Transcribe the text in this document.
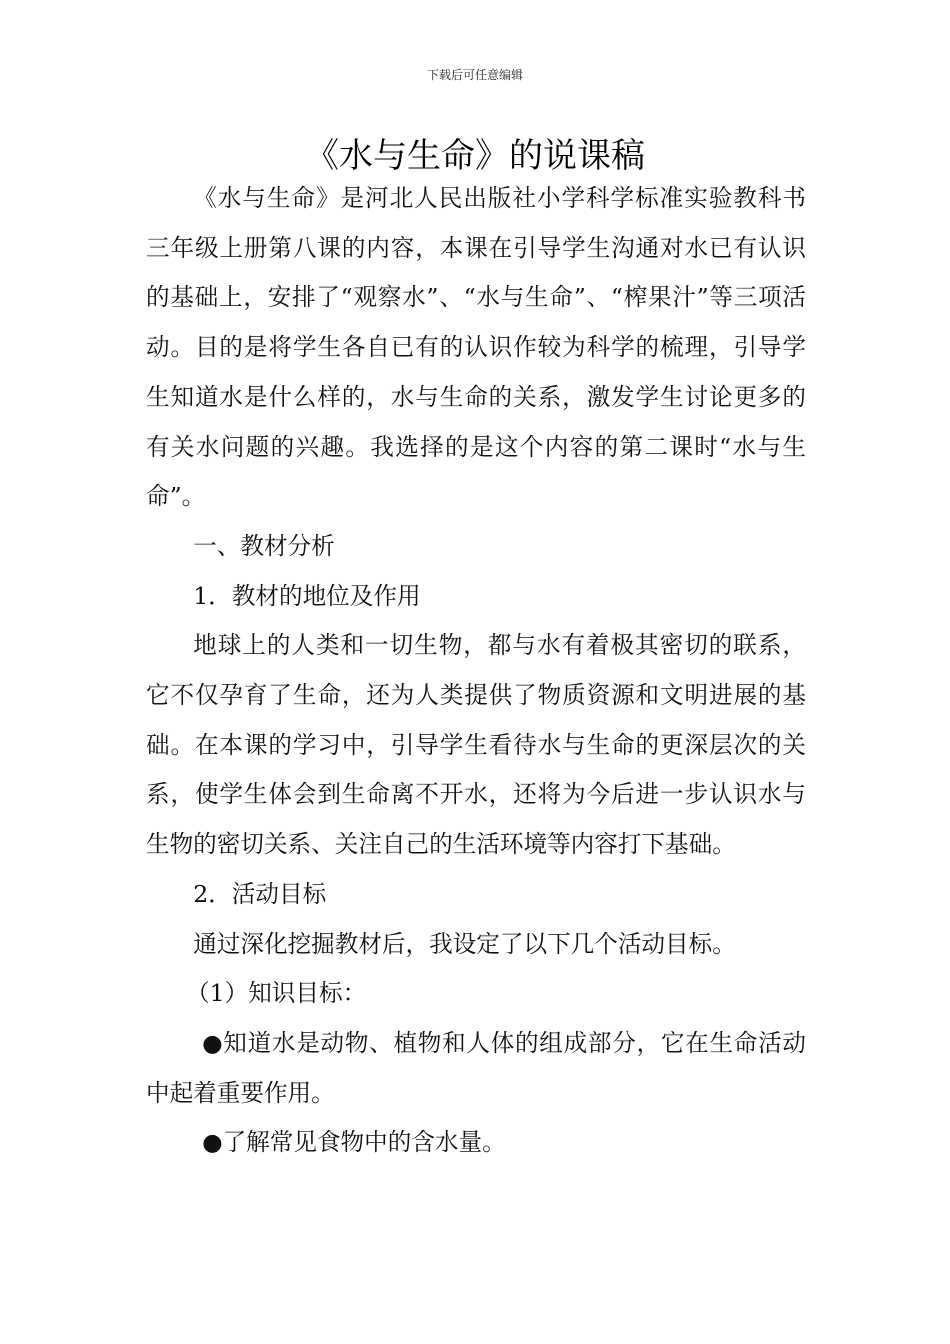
下载后可任意编辑
《水与生命》的说课稿

《水与生命》是河北人民出版社小学科学标准实验教科书三年级上册第八课的内容，本课在引导学生沟通对水已有认识的基础上，安排了“观察水”、“水与生命”、“榨果汁”等三项活动。目的是将学生各自已有的认识作较为科学的梳理，引导学生知道水是什么样的，水与生命的关系，激发学生讨论更多的有关水问题的兴趣。我选择的是这个内容的第二课时“水与生命”。

一、教材分析

1．教材的地位及作用

地球上的人类和一切生物，都与水有着极其密切的联系，它不仅孕育了生命，还为人类提供了物质资源和文明进展的基础。在本课的学习中，引导学生看待水与生命的更深层次的关系，使学生体会到生命离不开水，还将为今后进一步认识水与生物的密切关系、关注自己的生活环境等内容打下基础。

2．活动目标

通过深化挖掘教材后，我设定了以下几个活动目标。

（1）知识目标：

●知道水是动物、植物和人体的组成部分，它在生命活动中起着重要作用。

●了解常见食物中的含水量。
